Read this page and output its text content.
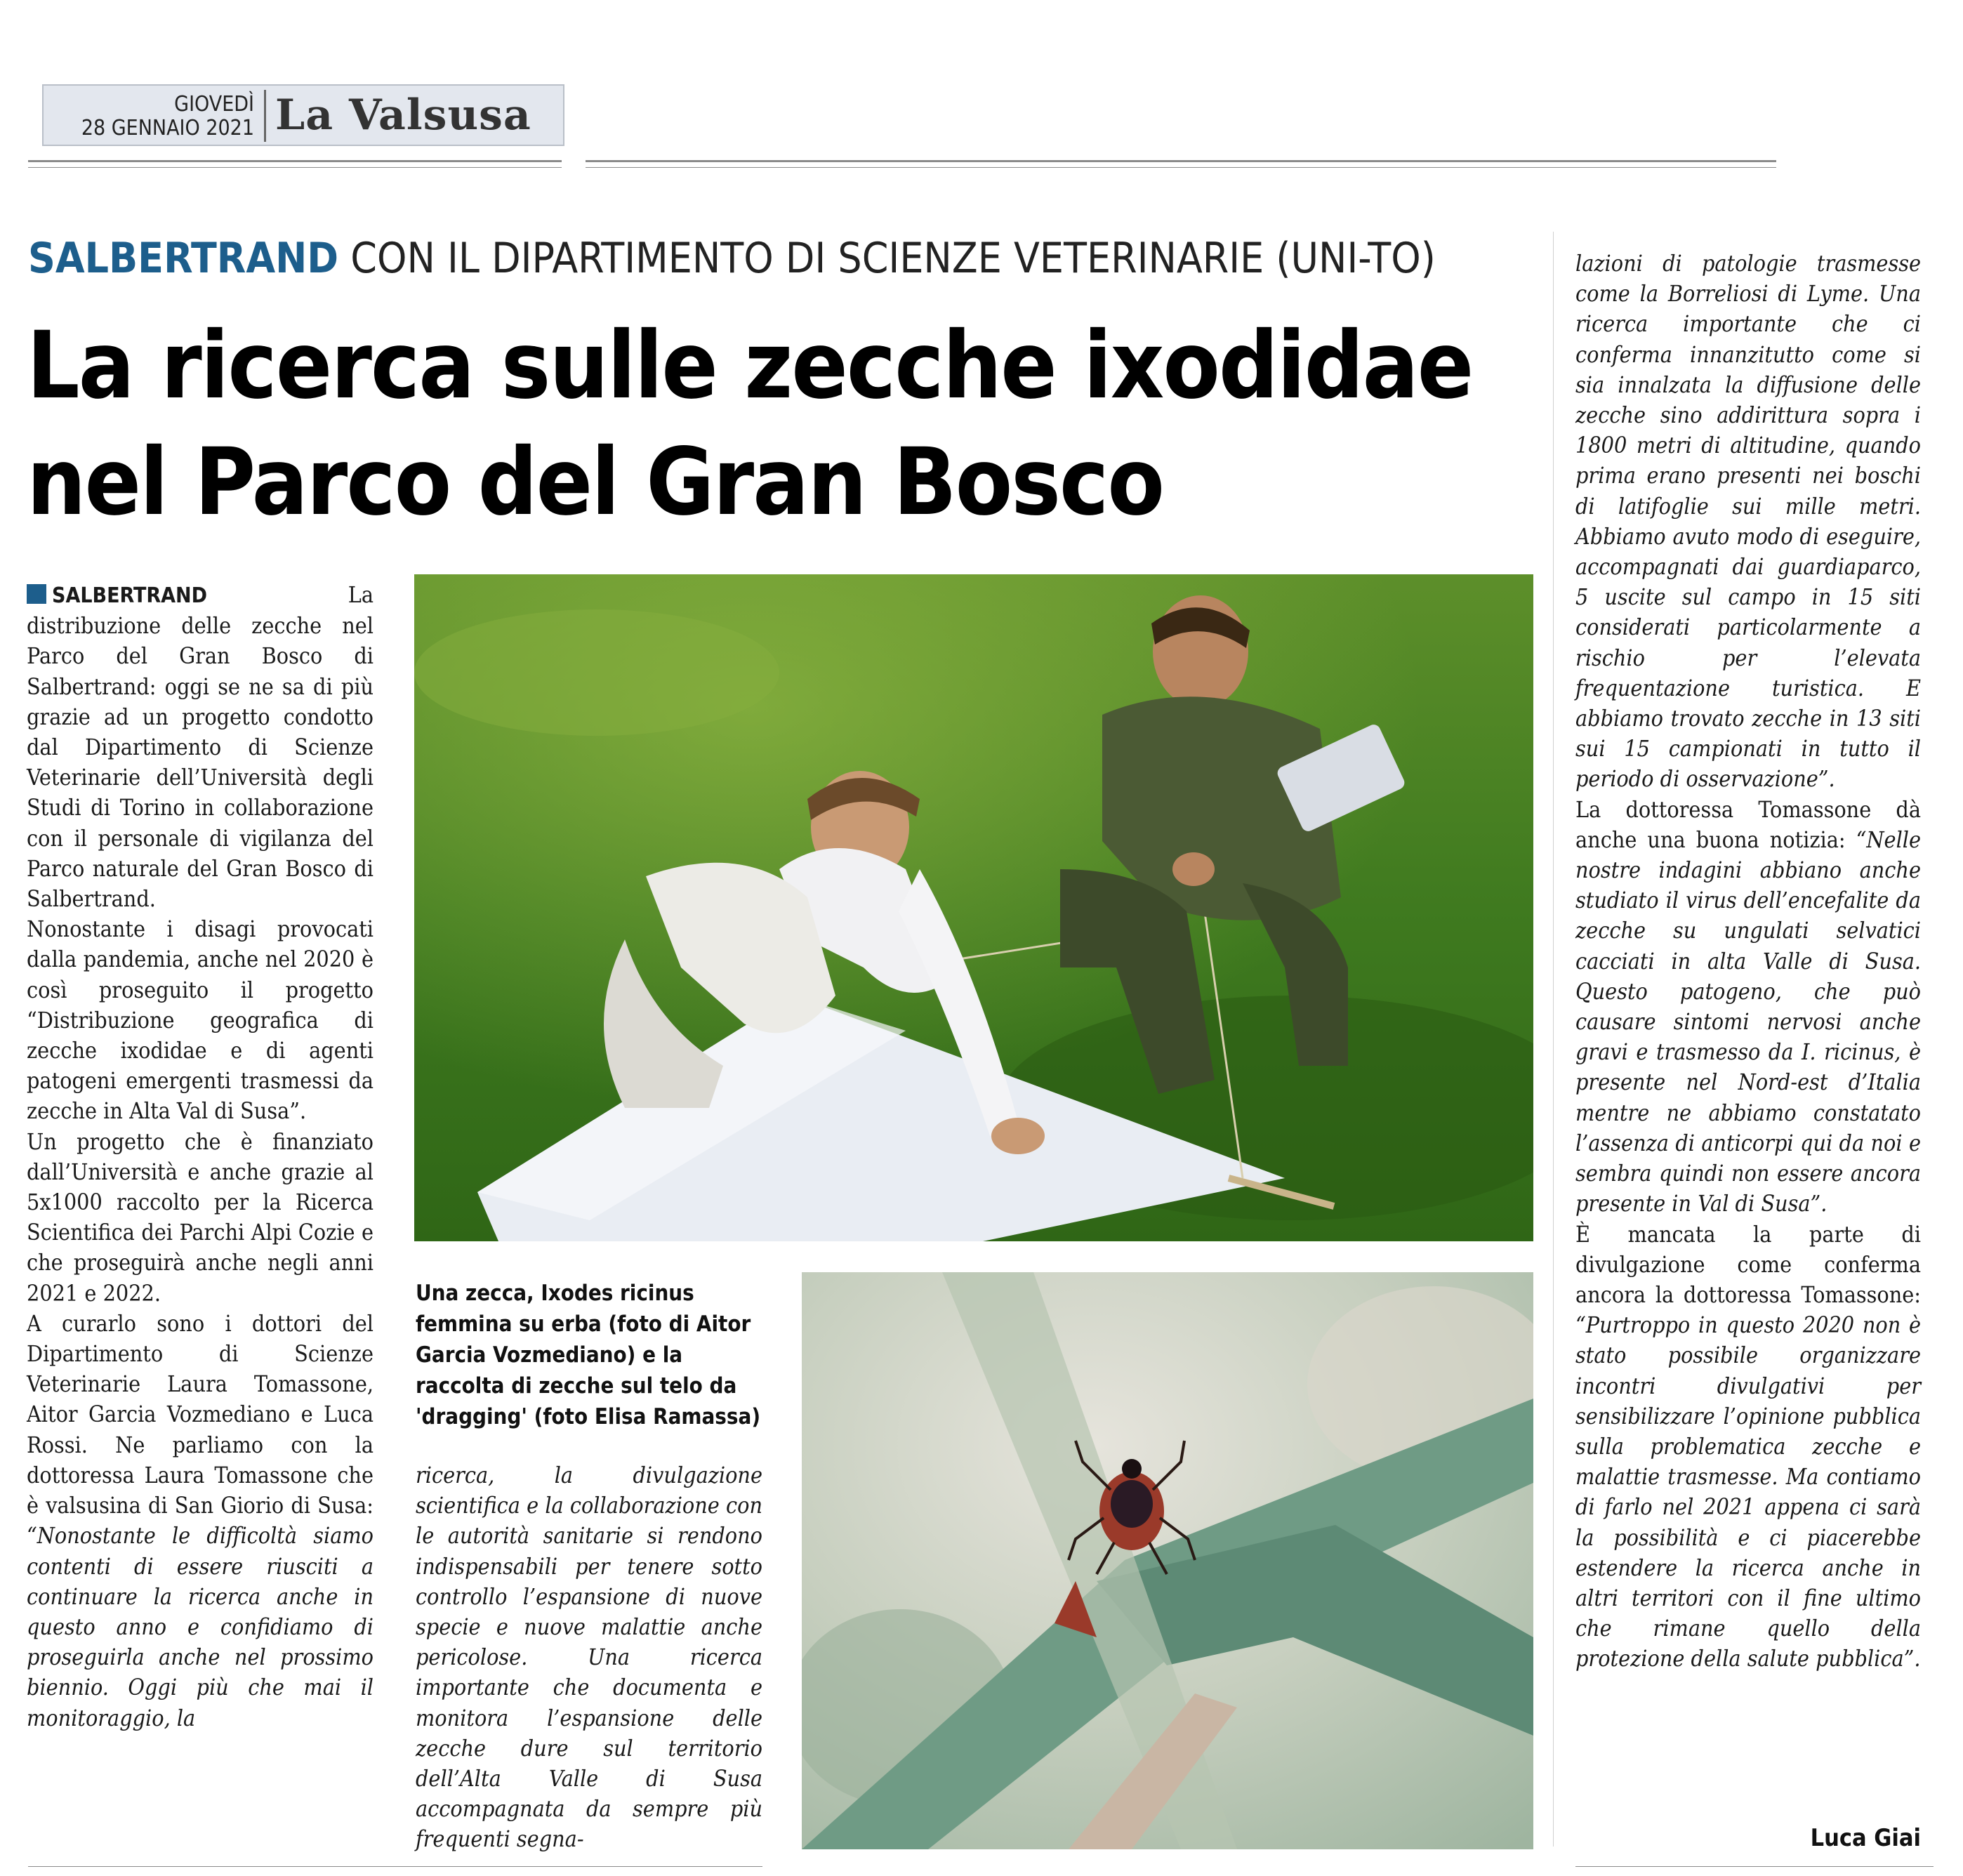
GIOVEDÌ
28 GENNAIO 2021 La Valsusa
SALBERTRAND CON IL DIPARTIMENTO DI SCIENZE VETERINARIE (UNI-TO)
La ricerca sulle zecche ixodidae
nel Parco del Gran Bosco

SALBERTRAND	La distribuzione delle zecche nel Parco del Gran Bosco di Salbertrand: oggi se ne sa di più grazie ad un progetto condotto dal Dipartimento di Scienze Veterinarie dell’Università degli Studi di Torino in collaborazione con il personale di vigilanza del Parco naturale del Gran Bosco di Salbertrand.

Nonostante i disagi provocati dalla pandemia, anche nel 2020 è così proseguito il progetto “Distribuzione geografica di zecche ixodidae e di agenti patogeni emergenti trasmessi da zecche in Alta Val di Susa”.

Un progetto che è finanziato dall’Università e anche grazie al 5x1000 raccolto per la Ricerca Scientifica dei Parchi Alpi Cozie e che proseguirà anche negli anni 2021 e 2022.

A curarlo sono i dottori del Dipartimento di Scienze Veterinarie Laura Tomassone, Aitor Garcia Vozmediano e Luca Rossi. Ne parliamo con la dottoressa Laura Tomassone che è valsusina di San Giorio di Susa: “Nonostante le difficoltà siamo contenti di essere riusciti a continuare la ricerca anche in questo anno e confidiamo di proseguirla anche nel prossimo biennio. Oggi più che mai il monitoraggio, la

Una zecca, Ixodes ricinus femmina su erba (foto di Aitor Garcia Vozmediano) e la raccolta di zecche sul telo da 'dragging' (foto Elisa Ramassa)

ricerca, la divulgazione scientifica e la collaborazione con le autorità sanitarie si rendono indispensabili per tenere sotto controllo l’espansione di nuove specie e nuove malattie anche pericolose. Una ricerca importante che documenta e monitora l’espansione delle zecche dure sul territorio dell’Alta Valle di Susa accompagnata da sempre più frequenti segna-

lazioni di patologie trasmesse come la Borreliosi di Lyme. Una ricerca importante che ci conferma innanzitutto come si sia innalzata la diffusione delle zecche sino addirittura sopra i 1800 metri di altitudine, quando prima erano presenti nei boschi di latifoglie sui mille metri. Abbiamo avuto modo di eseguire, accompagnati dai guardiaparco, 5 uscite sul campo in 15 siti considerati particolarmente a rischio per l’elevata frequentazione turistica. E abbiamo trovato zecche in 13 siti sui 15 campionati in tutto il periodo di osservazione”.

La dottoressa Tomassone dà anche una buona notizia: “Nelle nostre indagini abbiano anche studiato il virus dell’encefalite da zecche su ungulati selvatici cacciati in alta Valle di Susa. Questo patogeno, che può causare sintomi nervosi anche gravi e trasmesso da I. ricinus, è presente nel Nord-est d’Italia mentre ne abbiamo constatato l’assenza di anticorpi qui da noi e sembra quindi non essere ancora presente in Val di Susa”.

È mancata la parte di divulgazione come conferma ancora la dottoressa Tomassone: “Purtroppo in questo 2020 non è stato possibile organizzare incontri divulgativi per sensibilizzare l’opinione pubblica sulla problematica zecche e malattie trasmesse. Ma contiamo di farlo nel 2021 appena ci sarà la possibilità e ci piacerebbe estendere la ricerca anche in altri territori con il fine ultimo che rimane quello della protezione della salute pubblica”.

Luca Giai
